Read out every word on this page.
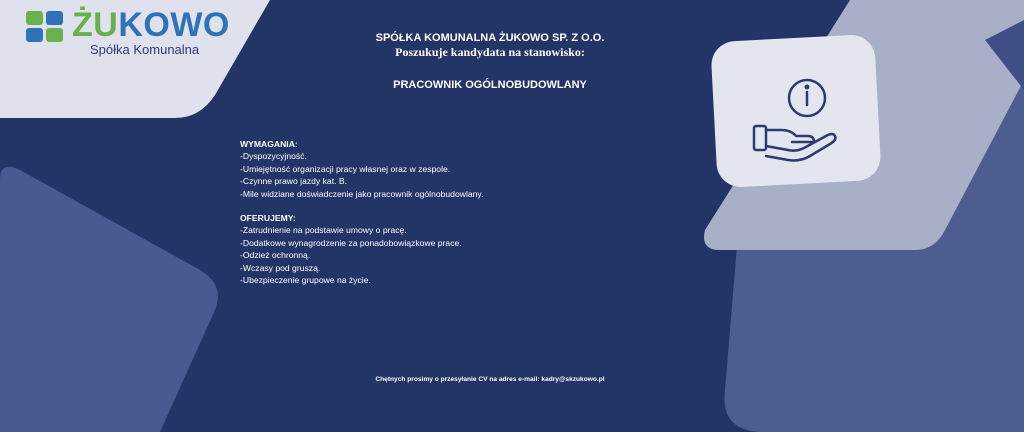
ŻUKOWO
Spółka Komunalna
SPÓŁKA KOMUNALNA ŻUKOWO SP. Z O.O.
Poszukuje kandydata na stanowisko:
PRACOWNIK OGÓLNOBUDOWLANY
WYMAGANIA:
-Dyspozycyjność.
-Umiejętność organizacji pracy własnej oraz w zespole.
-Czynne prawo jazdy kat. B.
-Mile widziane doświadczenie jako pracownik ogólnobudowlany.
OFERUJEMY:
-Zatrudnienie na podstawie umowy o pracę.
-Dodatkowe wynagrodzenie za ponadobowiązkowe prace.
-Odzież ochronną.
-Wczasy pod gruszą.
-Ubezpieczenie grupowe na życie.
Chętnych prosimy o przesyłanie CV na adres e-mail: kadry@skzukowo.pl
